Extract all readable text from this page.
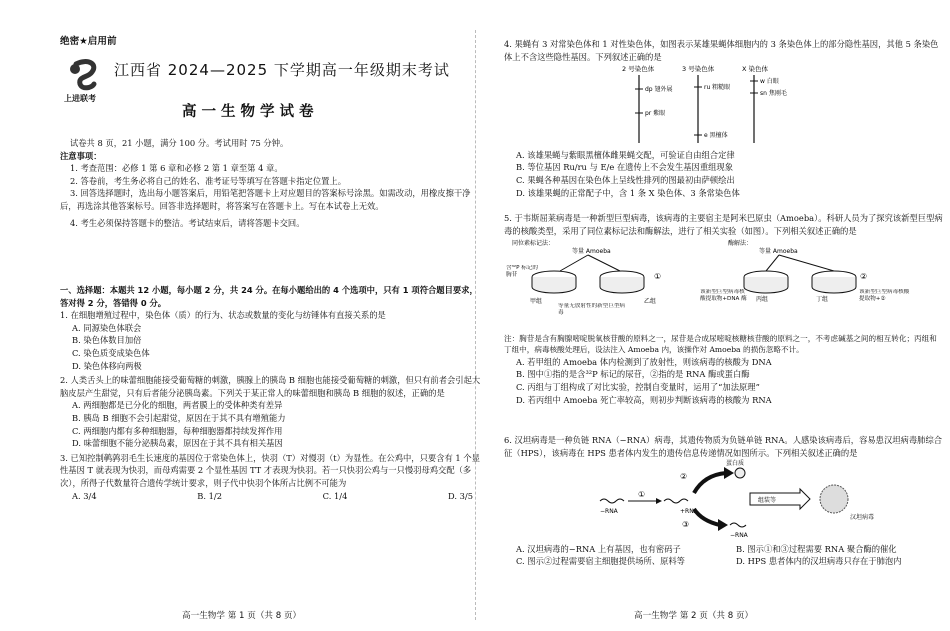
绝密★启用前
上进联考
江西省 2024—2025 下学期高一年级期末考试
高一生物学试卷

试卷共 8 页，21 小题，满分 100 分。考试用时 75 分钟。

注意事项：

1. 考查范围：必修 1 第 6 章和必修 2 第 1 章至第 4 章。

2. 答卷前，考生务必将自己的姓名、准考证号等填写在答题卡指定位置上。

3. 回答选择题时，选出每小题答案后，用铅笔把答题卡上对应题目的答案标号涂黑。如需改动，用橡皮擦干净后，再选涂其他答案标号。回答非选择题时，将答案写在答题卡上。写在本试卷上无效。

4. 考生必须保持答题卡的整洁。考试结束后，请将答题卡交回。

一、选择题：本题共 12 小题，每小题 2 分，共 24 分。在每小题给出的 4 个选项中，只有 1 项符合题目要求，答对得 2 分，答错得 0 分。

1. 在细胞增殖过程中，染色体（质）的行为、状态或数量的变化与纺锤体有直接关系的是

A. 同源染色体联会

B. 染色体数目加倍

C. 染色质变成染色体

D. 染色体移向两极

2. 人类舌头上的味蕾细胞能接受葡萄糖的刺激，胰腺上的胰岛 B 细胞也能接受葡萄糖的刺激，但只有前者会引起大脑皮层产生甜觉，只有后者能分泌胰岛素。下列关于某正常人的味蕾细胞和胰岛 B 细胞的叙述，正确的是

A. 两细胞都是已分化的细胞，两者膜上的受体种类有差异

B. 胰岛 B 细胞不会引起甜觉，原因在于其不具有增殖能力

C. 两细胞内都有多种细胞器，每种细胞器都持续发挥作用

D. 味蕾细胞不能分泌胰岛素，原因在于其不具有相关基因

3. 已知控制鹌鹑羽毛生长速度的基因位于常染色体上，快羽（T）对慢羽（t）为显性。在公鸡中，只要含有 1 个显性基因 T 就表现为快羽，而母鸡需要 2 个显性基因 TT 才表现为快羽。若一只快羽公鸡与一只慢羽母鸡交配（多次），所得子代数量符合遗传学统计要求，则子代中快羽个体所占比例不可能为

A. 3/4	B. 1/2	C. 1/4	D. 3/5
高一生物学 第 1 页（共 8 页）

4. 果蝇有 3 对常染色体和 1 对性染色体，如图表示某雄果蝇体细胞内的 3 条染色体上的部分隐性基因，其他 5 条染色体上不含这些隐性基因。下列叙述正确的是

2 号染色体	3 号染色体	X 染色体
dp 翅外展
pr 紫眼
ru 粗糙眼
e 黑檀体
w 白眼
sn 焦刚毛

A. 该雄果蝇与紫眼黑檀体雌果蝇交配，可验证自由组合定律

B. 等位基因 Ru/ru 与 E/e 在遗传上不会发生基因重组现象

C. 果蝇各种基因在染色体上呈线性排列的图最初由萨顿绘出

D. 该雄果蝇的正常配子中，含 1 条 X 染色体、3 条常染色体

5. 于韦斯屈莱病毒是一种新型巨型病毒，该病毒的主要宿主是阿米巴原虫（Amoeba）。科研人员为了探究该新型巨型病毒的核酸类型，采用了同位素标记法和酶解法，进行了相关实验（如图）。下列相关叙述正确的是

同位素标记法：	酶解法：
等量 Amoeba	等量 Amoeba
含³²P 标记的胸苷
甲组	乙组
①
等量无放射性的新型巨型病毒
丙组	丁组
该新型巨型病毒核酸提取物+DNA 酶
该新型巨型病毒核酸提取物+②
②

注：胸苷是含有胸腺嘧啶脱氧核苷酸的原料之一，尿苷是合成尿嘧啶核糖核苷酸的原料之一，不考虑碱基之间的相互转化；丙组和丁组中，病毒核酸处理后，设法注入 Amoeba 内，该操作对 Amoeba 的损伤忽略不计。

A. 若甲组的 Amoeba 体内检测到了放射性，则该病毒的核酸为 DNA

B. 图中①指的是含³²P 标记的尿苷，②指的是 RNA 酶或蛋白酶

C. 丙组与丁组构成了对比实验，控制自变量时，运用了“加法原理”

D. 若丙组中 Amoeba 死亡率较高，则初步判断该病毒的核酸为 RNA

6. 汉坦病毒是一种负链 RNA（−RNA）病毒，其遗传物质为负链单链 RNA。人感染该病毒后，容易患汉坦病毒肺综合征（HPS），该病毒在 HPS 患者体内发生的遗传信息传递情况如图所示。下列相关叙述正确的是

−RNA
①
+RNA
②
蛋白质
③
−RNA
组装等
汉坦病毒
A. 汉坦病毒的−RNA 上有基因，也有密码子	B. 图示①和③过程需要 RNA 聚合酶的催化
C. 图示②过程需要宿主细胞提供场所、原料等	D. HPS 患者体内的汉坦病毒只存在于肺泡内
高一生物学 第 2 页（共 8 页）
